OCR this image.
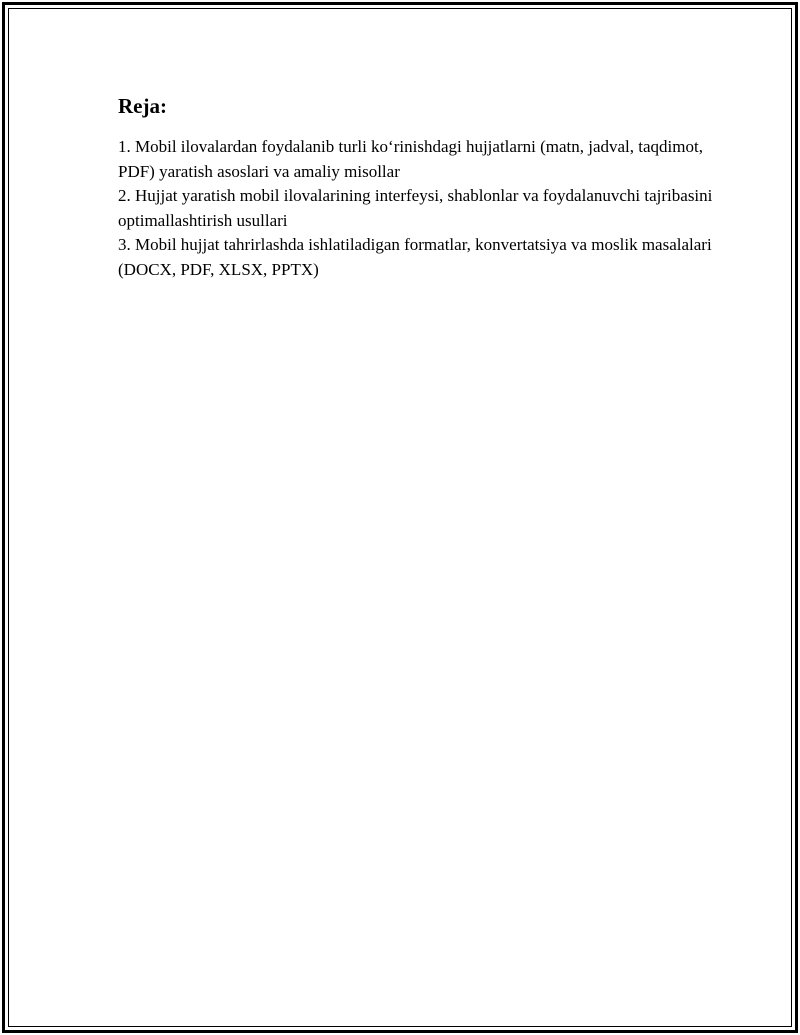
Reja:

1. Mobil ilovalardan foydalanib turli ko‘rinishdagi hujjatlarni (matn, jadval, taqdimot, PDF) yaratish asoslari va amaliy misollar

2. Hujjat yaratish mobil ilovalarining interfeysi, shablonlar va foydalanuvchi tajribasini optimallashtirish usullari

3. Mobil hujjat tahrirlashda ishlatiladigan formatlar, konvertatsiya va moslik masalalari (DOCX, PDF, XLSX, PPTX)
